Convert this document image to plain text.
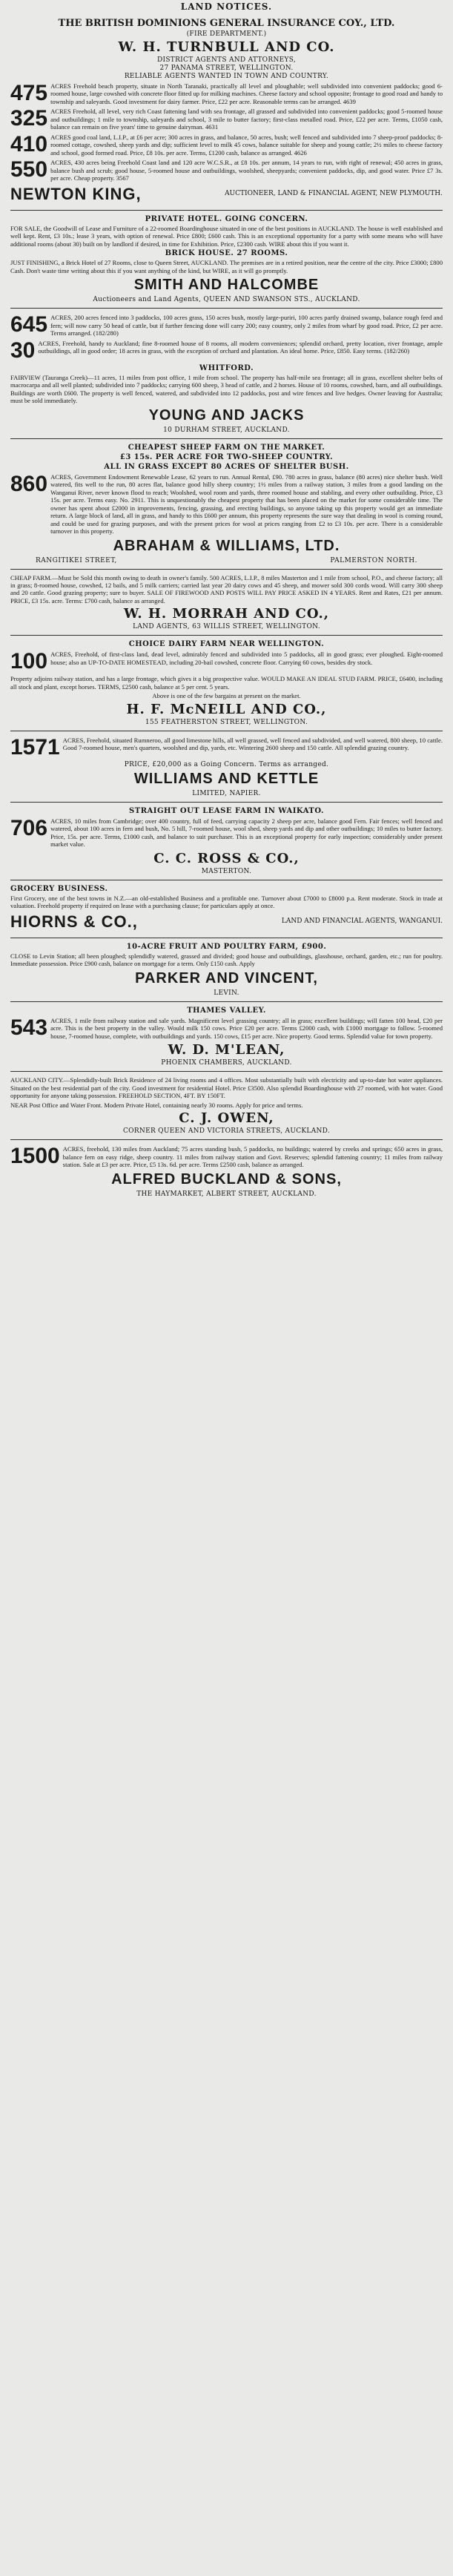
LAND NOTICES.
THE BRITISH DOMINIONS GENERAL INSURANCE COY., LTD.
(FIRE DEPARTMENT.)
W. H. TURNBULL AND CO.
DISTRICT AGENTS AND ATTORNEYS,
27 PANAMA STREET, WELLINGTON.
RELIABLE AGENTS WANTED IN TOWN AND COUNTRY.
475 ACRES Freehold beach property, situate in North Taranaki, practically all level and ploughable; well subdivided into convenient paddocks; good 6-roomed house, large cowshed with concrete floor fitted up for milking machines. Cheese factory and school opposite; frontage to good road and handy to township and saleyards. Good investment for dairy farmer. Price, £22 per acre. Reasonable terms can be arranged. 4639
325 ACRES Freehold, all level, very rich Coast fattening land with sea frontage, all grassed and subdivided into convenient paddocks; good 5-roomed house and outbuildings; 1 mile to township, saleyards and school, 3 mile to butter factory; first-class metalled road. Price, £22 per acre. Terms, £1050 cash, balance can remain on five years' time to genuine dairyman. 4631
410 ACRES good coal land, L.I.P., at £6 per acre; 300 acres in grass, and balance, 50 acres, bush; well fenced and subdivided into 7 sheep-proof paddocks; 8-roomed cottage, cowshed, sheep yards and dip; sufficient level to milk 45 cows, balance suitable for sheep and young cattle; 2½ miles to cheese factory and school, good formed road. Price, £8 10s. per acre. Terms, £1200 cash, balance as arranged. 4626
550 ACRES, 430 acres being Freehold Coast land and 120 acre W.C.S.R., at £8 10s. per annum, 14 years to run, with right of renewal; 450 acres in grass, balance bush and scrub; good house, 5-roomed house and outbuildings, woolshed, sheepyards; convenient paddocks, dip, and good water. Price £7 3s. per acre. Cheap property. 3567
NEWTON KING,	AUCTIONEER, LAND & FINANCIAL AGENT, NEW PLYMOUTH.
PRIVATE HOTEL. GOING CONCERN.

FOR SALE, the Goodwill of Lease and Furniture of a 22-roomed Boardinghouse situated in one of the best positions in AUCKLAND. The house is well established and well kept. Rent, £3 10s.; lease 3 years, with option of renewal. Price £800; £600 cash. This is an exceptional opportunity for a party with some means who will have additional rooms (about 30) built on by landlord if desired, in time for Exhibition. Price, £2300 cash. WIRE about this if you want it.

BRICK HOUSE. 27 ROOMS.

JUST FINISHING, a Brick Hotel of 27 Rooms, close to Queen Street, AUCKLAND. The premises are in a retired position, near the centre of the city. Price £3000; £800 Cash. Don't waste time writing about this if you want anything of the kind, but WIRE, as it will go promptly.

SMITH AND HALCOMBE
Auctioneers and Land Agents, QUEEN AND SWANSON STS., AUCKLAND.
645 ACRES, 200 acres fenced into 3 paddocks, 100 acres grass, 150 acres bush, mostly large-puriri, 100 acres partly drained swamp, balance rough feed and fern; will now carry 50 head of cattle, but if further fencing done will carry 200; easy country, only 2 miles from wharf by good road. Price, £2 per acre. Terms arranged. (182/280)
30 ACRES, Freehold, handy to Auckland; fine 8-roomed house of 8 rooms, all modern conveniences; splendid orchard, pretty location, river frontage, ample outbuildings, all in good order; 18 acres in grass, with the exception of orchard and plantation. An ideal home. Price, £850. Easy terms. (182/260)
WHITFORD.

FAIRVIEW (Tauranga Creek)—11 acres, 11 miles from post office, 1 mile from school. The property has half-mile sea frontage; all in grass, excellent shelter belts of macrocarpa and all well planted; subdivided into 7 paddocks; carrying 600 sheep, 3 head of cattle, and 2 horses. House of 10 rooms, cowshed, barn, and all outbuildings. Buildings are worth £600. The property is well fenced, watered, and subdivided into 12 paddocks, post and wire fences and live hedges. Owner leaving for Australia; must be sold immediately.

YOUNG AND JACKS
10 DURHAM STREET, AUCKLAND.
CHEAPEST SHEEP FARM ON THE MARKET.
£3 15s. PER ACRE FOR TWO-SHEEP COUNTRY.
ALL IN GRASS EXCEPT 80 ACRES OF SHELTER BUSH.
860 ACRES, Government Endowment Renewable Lease, 62 years to run. Annual Rental, £90. 780 acres in grass, balance (80 acres) nice shelter bush. Well watered, fits well to the run, 80 acres flat, balance good hilly sheep country; 1½ miles from a railway station, 3 miles from a good landing on the Wanganui River, never known flood to reach; Woolshed, wool room and yards, three roomed house and stabling, and every other outbuilding. Price, £3 15s. per acre. Terms easy. No. 2911. This is unquestionably the cheapest property that has been placed on the market for some considerable time. The owner has spent about £2000 in improvements, fencing, grassing, and erecting buildings, so anyone taking up this property would get an immediate return. A large block of land, all in grass, and handy to this £600 per annum, this property represents the sure way that dealing in wool is coming round, and could be used for grazing purposes, and with the present prices for wool at prices ranging from £2 to £3 10s. per acre. There is a considerable turnover in this property.
ABRAHAM & WILLIAMS, LTD.
RANGITIKEI STREET,	PALMERSTON NORTH.

CHEAP FARM.—Must be Sold this month owing to death in owner's family. 500 ACRES, L.I.P., 8 miles Masterton and 1 mile from school, P.O., and cheese factory; all in grass; 8-roomed house, cowshed, 12 bails, and 5 milk carriers; carried last year 20 dairy cows and 45 sheep, and mower sold 300 cords wood. Will carry 300 sheep and 20 cattle. Good grazing property; sure to buyer. SALE OF FIREWOOD AND POSTS WILL PAY PRICE ASKED IN 4 YEARS. Rent and Rates, £21 per annum. PRICE, £3 15s. acre. Terms: £700 cash, balance as arranged.

W. H. MORRAH AND CO.,
LAND AGENTS, 63 WILLIS STREET, WELLINGTON.
CHOICE DAIRY FARM NEAR WELLINGTON.
100 ACRES, Freehold, of first-class land, dead level, admirably fenced and subdivided into 5 paddocks, all in good grass; ever ploughed. Eight-roomed house; also an UP-TO-DATE HOMESTEAD, including 20-bail cowshed, concrete floor. Carrying 60 cows, besides dry stock.

Property adjoins railway station, and has a large frontage, which gives it a big prospective value. WOULD MAKE AN IDEAL STUD FARM. PRICE, £6400, including all stock and plant, except horses. TERMS, £2500 cash, balance at 5 per cent. 5 years.

Above is one of the few bargains at present on the market.

H. F. McNEILL AND CO.,
155 FEATHERSTON STREET, WELLINGTON.
1571 ACRES, Freehold, situated Rumneroo, all good limestone hills, all well grassed, well fenced and subdivided, and well watered, 800 sheep, 10 cattle. Good 7-roomed house, men's quarters, woolshed and dip, yards, etc. Wintering 2600 sheep and 150 cattle. All splendid grazing country.
PRICE, £20,000 as a Going Concern. Terms as arranged.
WILLIAMS AND KETTLE
LIMITED, NAPIER.
STRAIGHT OUT LEASE FARM IN WAIKATO.
706 ACRES, 10 miles from Cambridge; over 400 country, full of feed, carrying capacity 2 sheep per acre, balance good Fern. Fair fences; well fenced and watered, about 100 acres in fern and bush, No. 5 hill, 7-roomed house, wool shed, sheep yards and dip and other outbuildings; 10 miles to butter factory. Price, 15s. per acre. Terms, £1000 cash, and balance to suit purchaser. This is an exceptional property for early inspection; considerably under present market value.
C. C. ROSS & CO.,
MASTERTON.
GROCERY BUSINESS.

First Grocery, one of the best towns in N.Z.—an old-established Business and a profitable one. Turnover about £7000 to £8000 p.a. Rent moderate. Stock in trade at valuation. Freehold property if required on lease with a purchasing clause; for particulars apply at once.

HIORNS & CO.,	LAND AND FINANCIAL AGENTS, WANGANUI.
10-ACRE FRUIT AND POULTRY FARM, £900.

CLOSE to Levin Station; all been ploughed; splendidly watered, grassed and divided; good house and outbuildings, glasshouse, orchard, garden, etc.; run for poultry. Immediate possession. Price £900 cash, balance on mortgage for a term. Only £150 cash. Apply

PARKER AND VINCENT,
LEVIN.
THAMES VALLEY.
543 ACRES, 1 mile from railway station and sale yards. Magnificent level grassing country; all in grass; excellent buildings; will fatten 100 head, £20 per acre. This is the best property in the valley. Would milk 150 cows. Price £20 per acre. Terms £2000 cash, with £1000 mortgage to follow. 5-roomed house, 7-roomed house, complete, with outbuildings and yards. 150 cows, £15 per acre. Nice property. Good terms. Splendid value for town property.
W. D. M'LEAN,
PHOENIX CHAMBERS, AUCKLAND.

AUCKLAND CITY.—Splendidly-built Brick Residence of 24 living rooms and 4 offices. Most substantially built with electricity and up-to-date hot water appliances. Situated on the best residential part of the city. Good investment for residential Hotel. Price £3500. Also splendid Boardinghouse with 27 roomed, with hot water. Good opportunity for anyone taking possession. FREEHOLD SECTION, 4FT. BY 150FT.

NEAR Post Office and Water Front. Modern Private Hotel, containing nearly 30 rooms. Apply for price and terms.

C. J. OWEN,
CORNER QUEEN AND VICTORIA STREETS, AUCKLAND.
1500 ACRES, freehold, 130 miles from Auckland; 75 acres standing bush, 5 paddocks, no buildings; watered by creeks and springs; 650 acres in grass, balance fern on easy ridge, sheep country. 11 miles from railway station and Govt. Reserves; splendid fattening country; 11 miles from railway station. Sale at £3 per acre. Price, £5 13s. 6d. per acre. Terms £2500 cash, balance as arranged.
ALFRED BUCKLAND & SONS,
THE HAYMARKET, ALBERT STREET, AUCKLAND.
